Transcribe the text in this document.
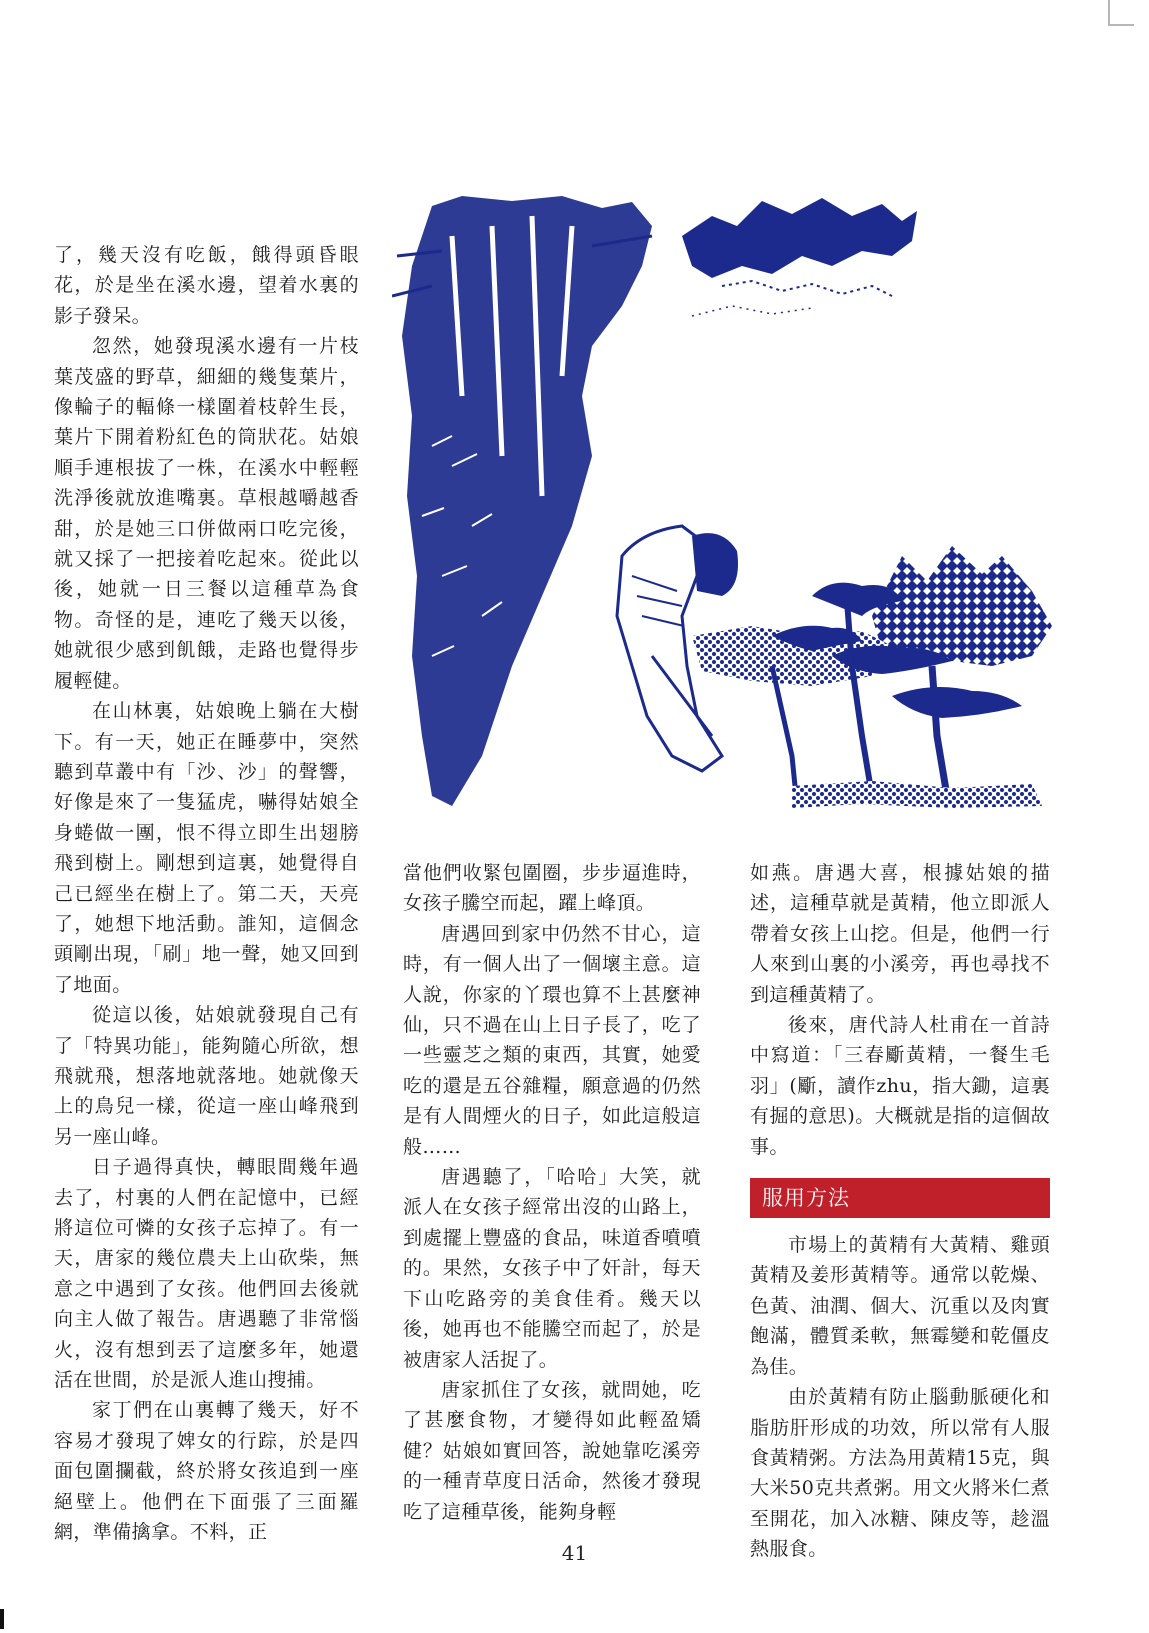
了，幾天沒有吃飯，餓得頭昏眼花，於是坐在溪水邊，望着水裏的影子發呆。

忽然，她發現溪水邊有一片枝葉茂盛的野草，細細的幾隻葉片，像輪子的輻條一樣圍着枝幹生長，葉片下開着粉紅色的筒狀花。姑娘順手連根拔了一株，在溪水中輕輕洗淨後就放進嘴裏。草根越嚼越香甜，於是她三口併做兩口吃完後，就又採了一把接着吃起來。從此以後，她就一日三餐以這種草為食物。奇怪的是，連吃了幾天以後，她就很少感到飢餓，走路也覺得步履輕健。

在山林裏，姑娘晚上躺在大樹下。有一天，她正在睡夢中，突然聽到草叢中有「沙、沙」的聲響，好像是來了一隻猛虎，嚇得姑娘全身蜷做一團，恨不得立即生出翅膀飛到樹上。剛想到這裏，她覺得自己已經坐在樹上了。第二天，天亮了，她想下地活動。誰知，這個念頭剛出現，「刷」地一聲，她又回到了地面。

從這以後，姑娘就發現自己有了「特異功能」，能夠隨心所欲，想飛就飛，想落地就落地。她就像天上的鳥兒一樣，從這一座山峰飛到另一座山峰。

日子過得真快，轉眼間幾年過去了，村裏的人們在記憶中，已經將這位可憐的女孩子忘掉了。有一天，唐家的幾位農夫上山砍柴，無意之中遇到了女孩。他們回去後就向主人做了報告。唐遇聽了非常惱火，沒有想到丟了這麼多年，她還活在世間，於是派人進山搜捕。

家丁們在山裏轉了幾天，好不容易才發現了婢女的行踪，於是四面包圍攔截，終於將女孩追到一座絕壁上。他們在下面張了三面羅網，準備擒拿。不料，正

當他們收緊包圍圈，步步逼進時，女孩子騰空而起，躍上峰頂。

唐遇回到家中仍然不甘心，這時，有一個人出了一個壞主意。這人說，你家的丫環也算不上甚麼神仙，只不過在山上日子長了，吃了一些靈芝之類的東西，其實，她愛吃的還是五谷雜糧，願意過的仍然是有人間煙火的日子，如此這般這般……

唐遇聽了，「哈哈」大笑，就派人在女孩子經常出沒的山路上，到處擺上豐盛的食品，味道香噴噴的。果然，女孩子中了奸計，每天下山吃路旁的美食佳肴。幾天以後，她再也不能騰空而起了，於是被唐家人活捉了。

唐家抓住了女孩，就問她，吃了甚麼食物，才變得如此輕盈矯健？姑娘如實回答，說她靠吃溪旁的一種青草度日活命，然後才發現吃了這種草後，能夠身輕

如燕。唐遇大喜，根據姑娘的描述，這種草就是黃精，他立即派人帶着女孩上山挖。但是，他們一行人來到山裏的小溪旁，再也尋找不到這種黃精了。

後來，唐代詩人杜甫在一首詩中寫道：「三春斸黃精，一餐生毛羽」(斸，讀作zhu，指大鋤，這裏有掘的意思)。大概就是指的這個故事。

服用方法

市場上的黃精有大黃精、雞頭黃精及姜形黃精等。通常以乾燥、色黃、油潤、個大、沉重以及肉實飽滿，體質柔軟，無霉變和乾僵皮為佳。

由於黃精有防止腦動脈硬化和脂肪肝形成的功效，所以常有人服食黃精粥。方法為用黃精15克，與大米50克共煮粥。用文火將米仁煮至開花，加入冰糖、陳皮等，趁溫熱服食。

41
